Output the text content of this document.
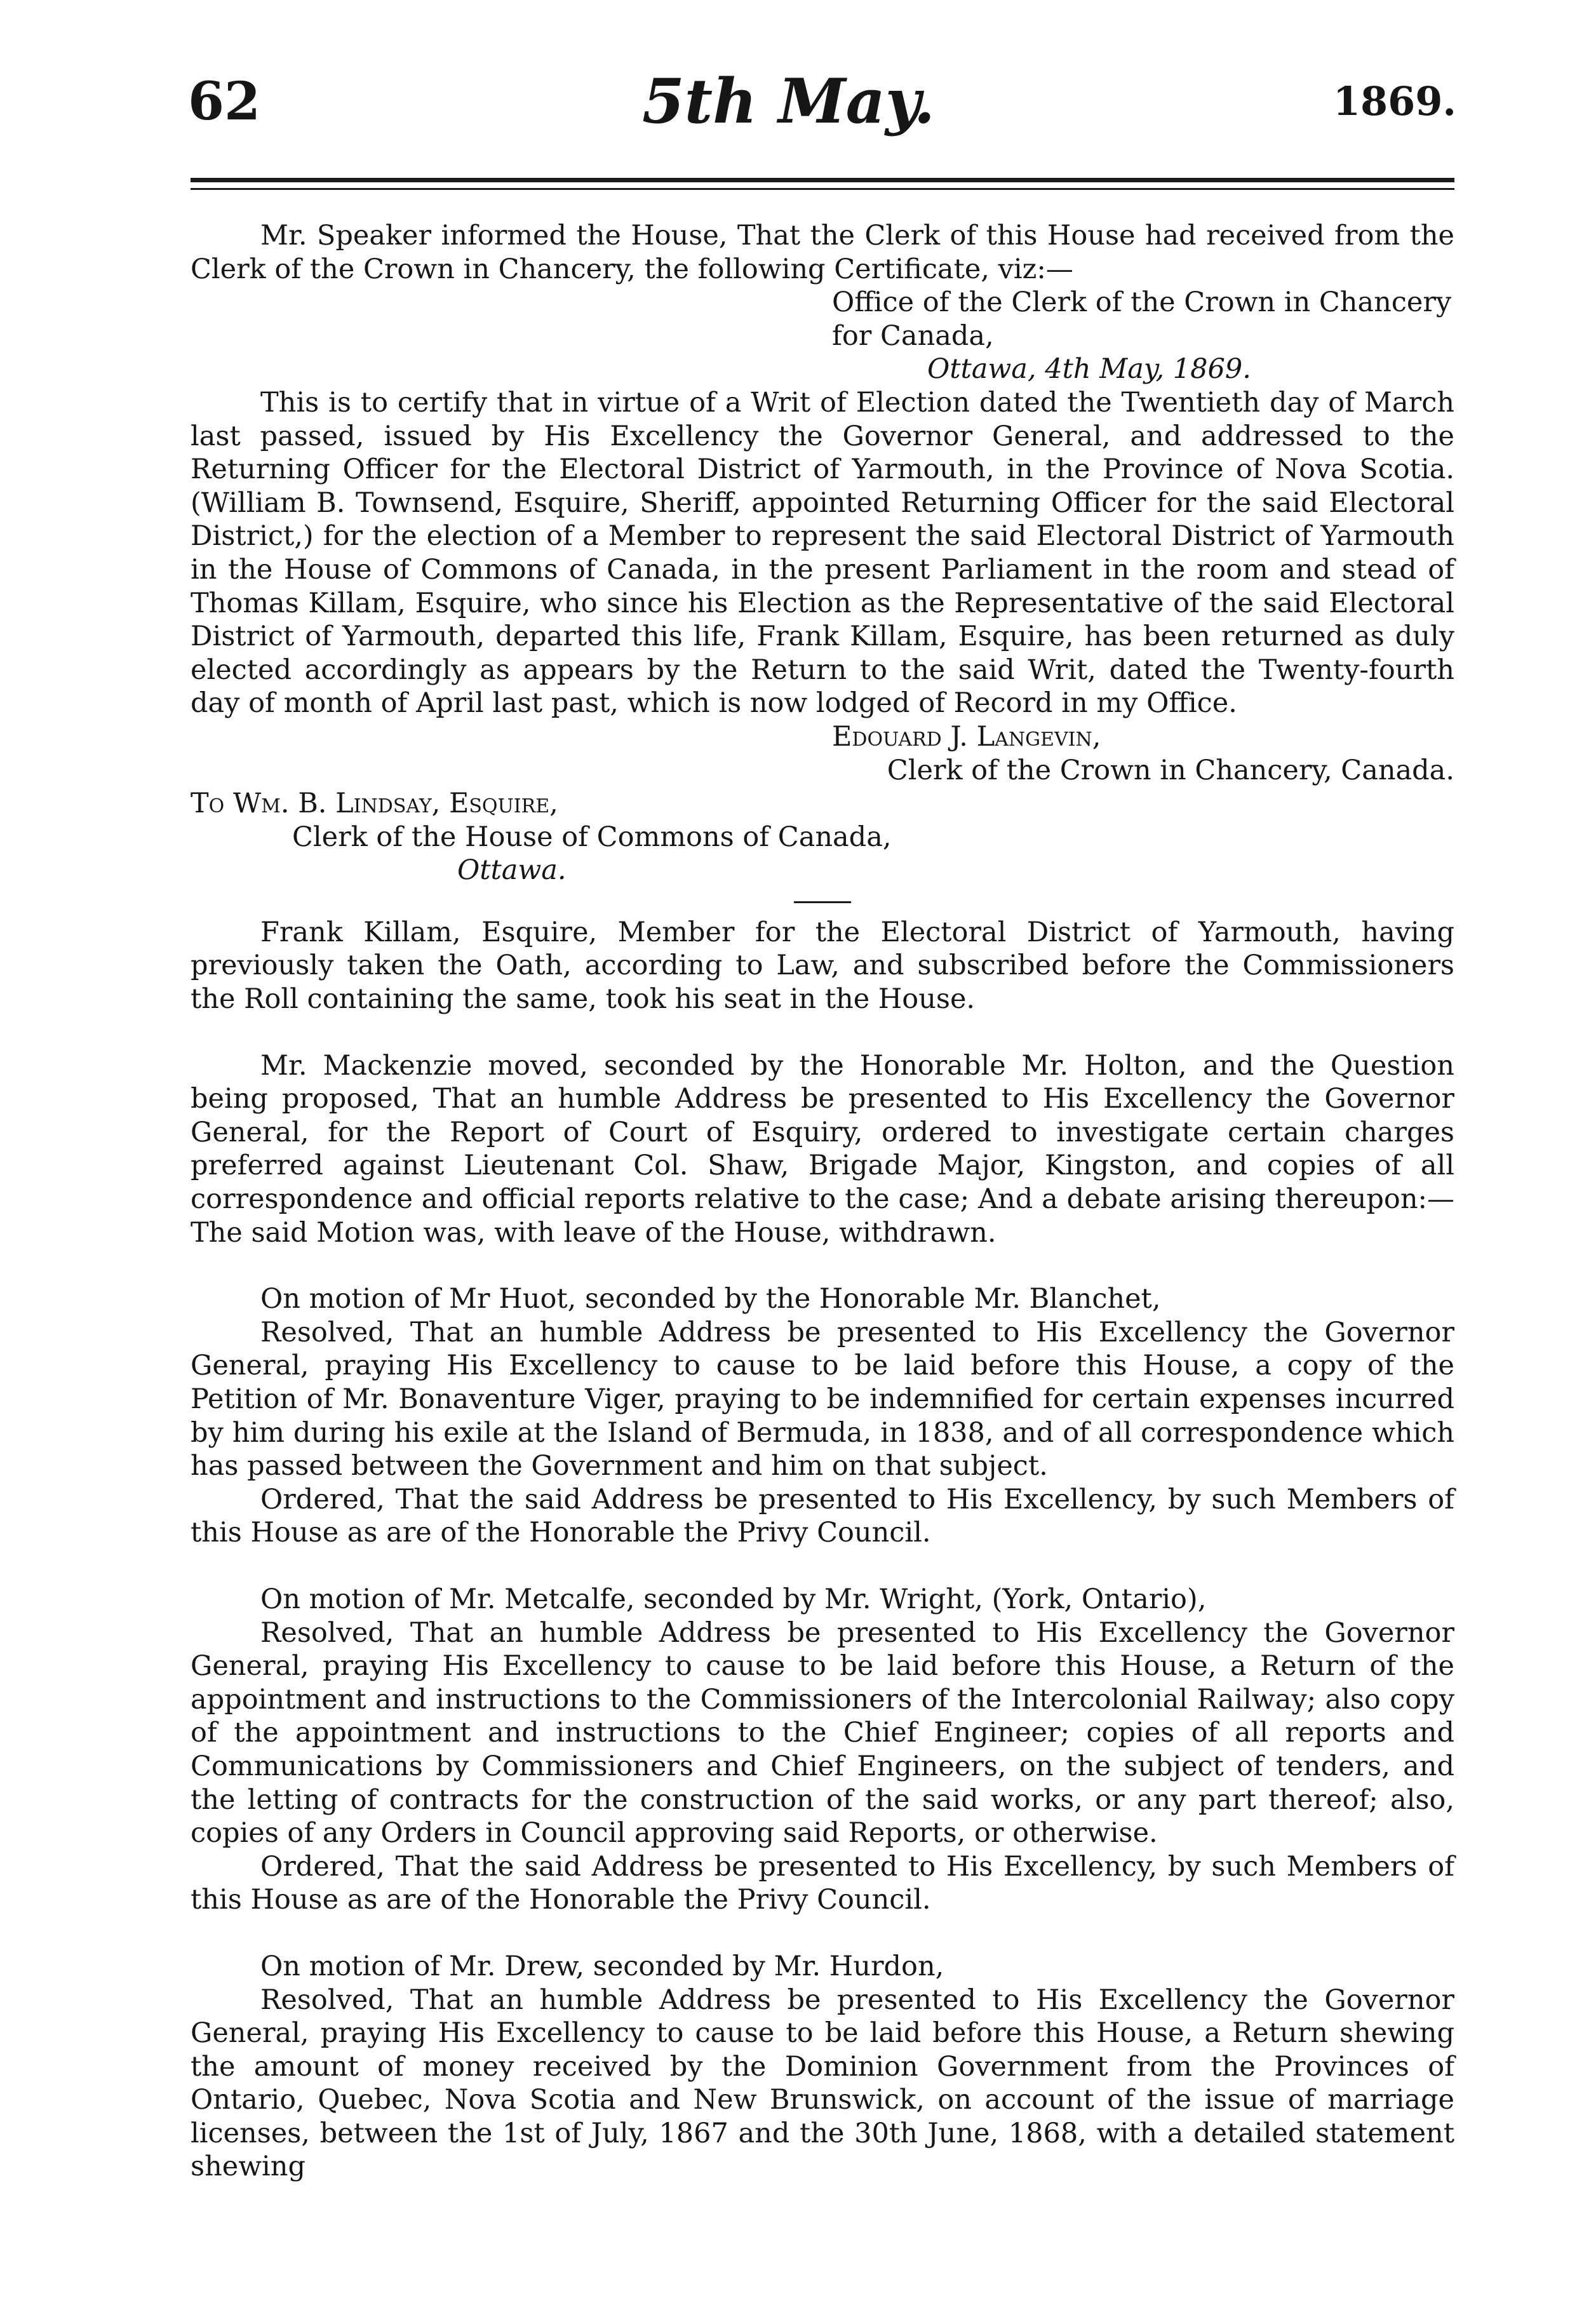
62	5th May.	1869.

Mr. Speaker informed the House, That the Clerk of this House had received from the Clerk of the Crown in Chancery, the following Certificate, viz:—

Office of the Clerk of the Crown in Chancery for Canada,

Ottawa, 4th May, 1869.

This is to certify that in virtue of a Writ of Election dated the Twentieth day of March last passed, issued by His Excellency the Governor General, and addressed to the Returning Officer for the Electoral District of Yarmouth, in the Province of Nova Scotia. (William B. Townsend, Esquire, Sheriff, appointed Returning Officer for the said Electoral District,) for the election of a Member to represent the said Electoral District of Yarmouth in the House of Commons of Canada, in the present Parliament in the room and stead of Thomas Killam, Esquire, who since his Election as the Representative of the said Electoral District of Yarmouth, departed this life, Frank Killam, Esquire, has been returned as duly elected accordingly as appears by the Return to the said Writ, dated the Twenty-fourth day of month of April last past, which is now lodged of Record in my Office.

Edouard J. Langevin,

Clerk of the Crown in Chancery, Canada.

To Wm. B. Lindsay, Esquire,

Clerk of the House of Commons of Canada,

Ottawa.

Frank Killam, Esquire, Member for the Electoral District of Yarmouth, having previously taken the Oath, according to Law, and subscribed before the Commissioners the Roll containing the same, took his seat in the House.

Mr. Mackenzie moved, seconded by the Honorable Mr. Holton, and the Question being proposed, That an humble Address be presented to His Excellency the Governor General, for the Report of Court of Esquiry, ordered to investigate certain charges preferred against Lieutenant Col. Shaw, Brigade Major, Kingston, and copies of all correspondence and official reports relative to the case; And a debate arising thereupon:—The said Motion was, with leave of the House, withdrawn.

On motion of Mr Huot, seconded by the Honorable Mr. Blanchet,

Resolved, That an humble Address be presented to His Excellency the Governor General, praying His Excellency to cause to be laid before this House, a copy of the Petition of Mr. Bonaventure Viger, praying to be indemnified for certain expenses incurred by him during his exile at the Island of Bermuda, in 1838, and of all correspondence which has passed between the Government and him on that subject.

Ordered, That the said Address be presented to His Excellency, by such Members of this House as are of the Honorable the Privy Council.

On motion of Mr. Metcalfe, seconded by Mr. Wright, (York, Ontario),

Resolved, That an humble Address be presented to His Excellency the Governor General, praying His Excellency to cause to be laid before this House, a Return of the appointment and instructions to the Commissioners of the Intercolonial Railway; also copy of the appointment and instructions to the Chief Engineer; copies of all reports and Communications by Commissioners and Chief Engineers, on the subject of tenders, and the letting of contracts for the construction of the said works, or any part thereof; also, copies of any Orders in Council approving said Reports, or otherwise.

Ordered, That the said Address be presented to His Excellency, by such Members of this House as are of the Honorable the Privy Council.

On motion of Mr. Drew, seconded by Mr. Hurdon,

Resolved, That an humble Address be presented to His Excellency the Governor General, praying His Excellency to cause to be laid before this House, a Return shewing the amount of money received by the Dominion Government from the Provinces of Ontario, Quebec, Nova Scotia and New Brunswick, on account of the issue of marriage licenses, between the 1st of July, 1867 and the 30th June, 1868, with a detailed statement shewing
